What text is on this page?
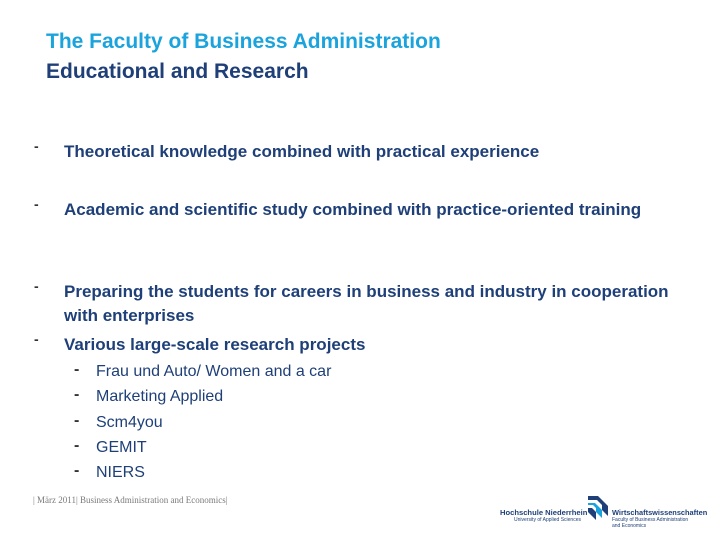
The Faculty of Business Administration
Educational and Research
- Theoretical knowledge combined with practical experience
- Academic and scientific study combined with practice-oriented training
- Preparing the students for careers in business and industry in cooperation with enterprises
- Various large-scale research projects
- Frau und Auto/ Women and a car
- Marketing Applied
- Scm4you
- GEMIT
- NIERS
| März 2011| Business Administration and Economics|
Hochschule Niederrhein
University of Applied Sciences
Wirtschaftswissenschaften
Faculty of Business Administration
and Economics
